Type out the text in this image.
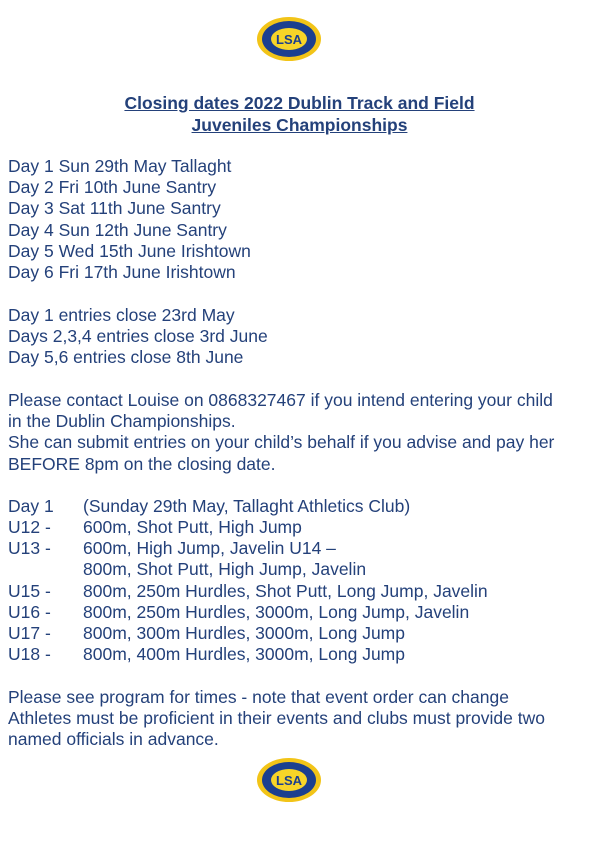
LSA
Closing dates 2022 Dublin Track and Field
Juveniles Championships
Day 1 Sun 29th May Tallaght
Day 2 Fri 10th June Santry
Day 3 Sat 11th June Santry
Day 4 Sun 12th June Santry
Day 5 Wed 15th June Irishtown
Day 6 Fri 17th June Irishtown
Day 1 entries close 23rd May
Days 2,3,4 entries close 3rd June
Day 5,6 entries close 8th June
Please contact Louise on 0868327467 if you intend entering your child
in the Dublin Championships.
She can submit entries on your child’s behalf if you advise and pay her
BEFORE 8pm on the closing date.
Day 1 (Sunday 29th May, Tallaght Athletics Club)
U12 - 600m, Shot Putt, High Jump
U13 - 600m, High Jump, Javelin U14 –
800m, Shot Putt, High Jump, Javelin
U15 - 800m, 250m Hurdles, Shot Putt, Long Jump, Javelin
U16 - 800m, 250m Hurdles, 3000m, Long Jump, Javelin
U17 - 800m, 300m Hurdles, 3000m, Long Jump
U18 - 800m, 400m Hurdles, 3000m, Long Jump
Please see program for times - note that event order can change
Athletes must be proficient in their events and clubs must provide two
named officials in advance.
LSA
